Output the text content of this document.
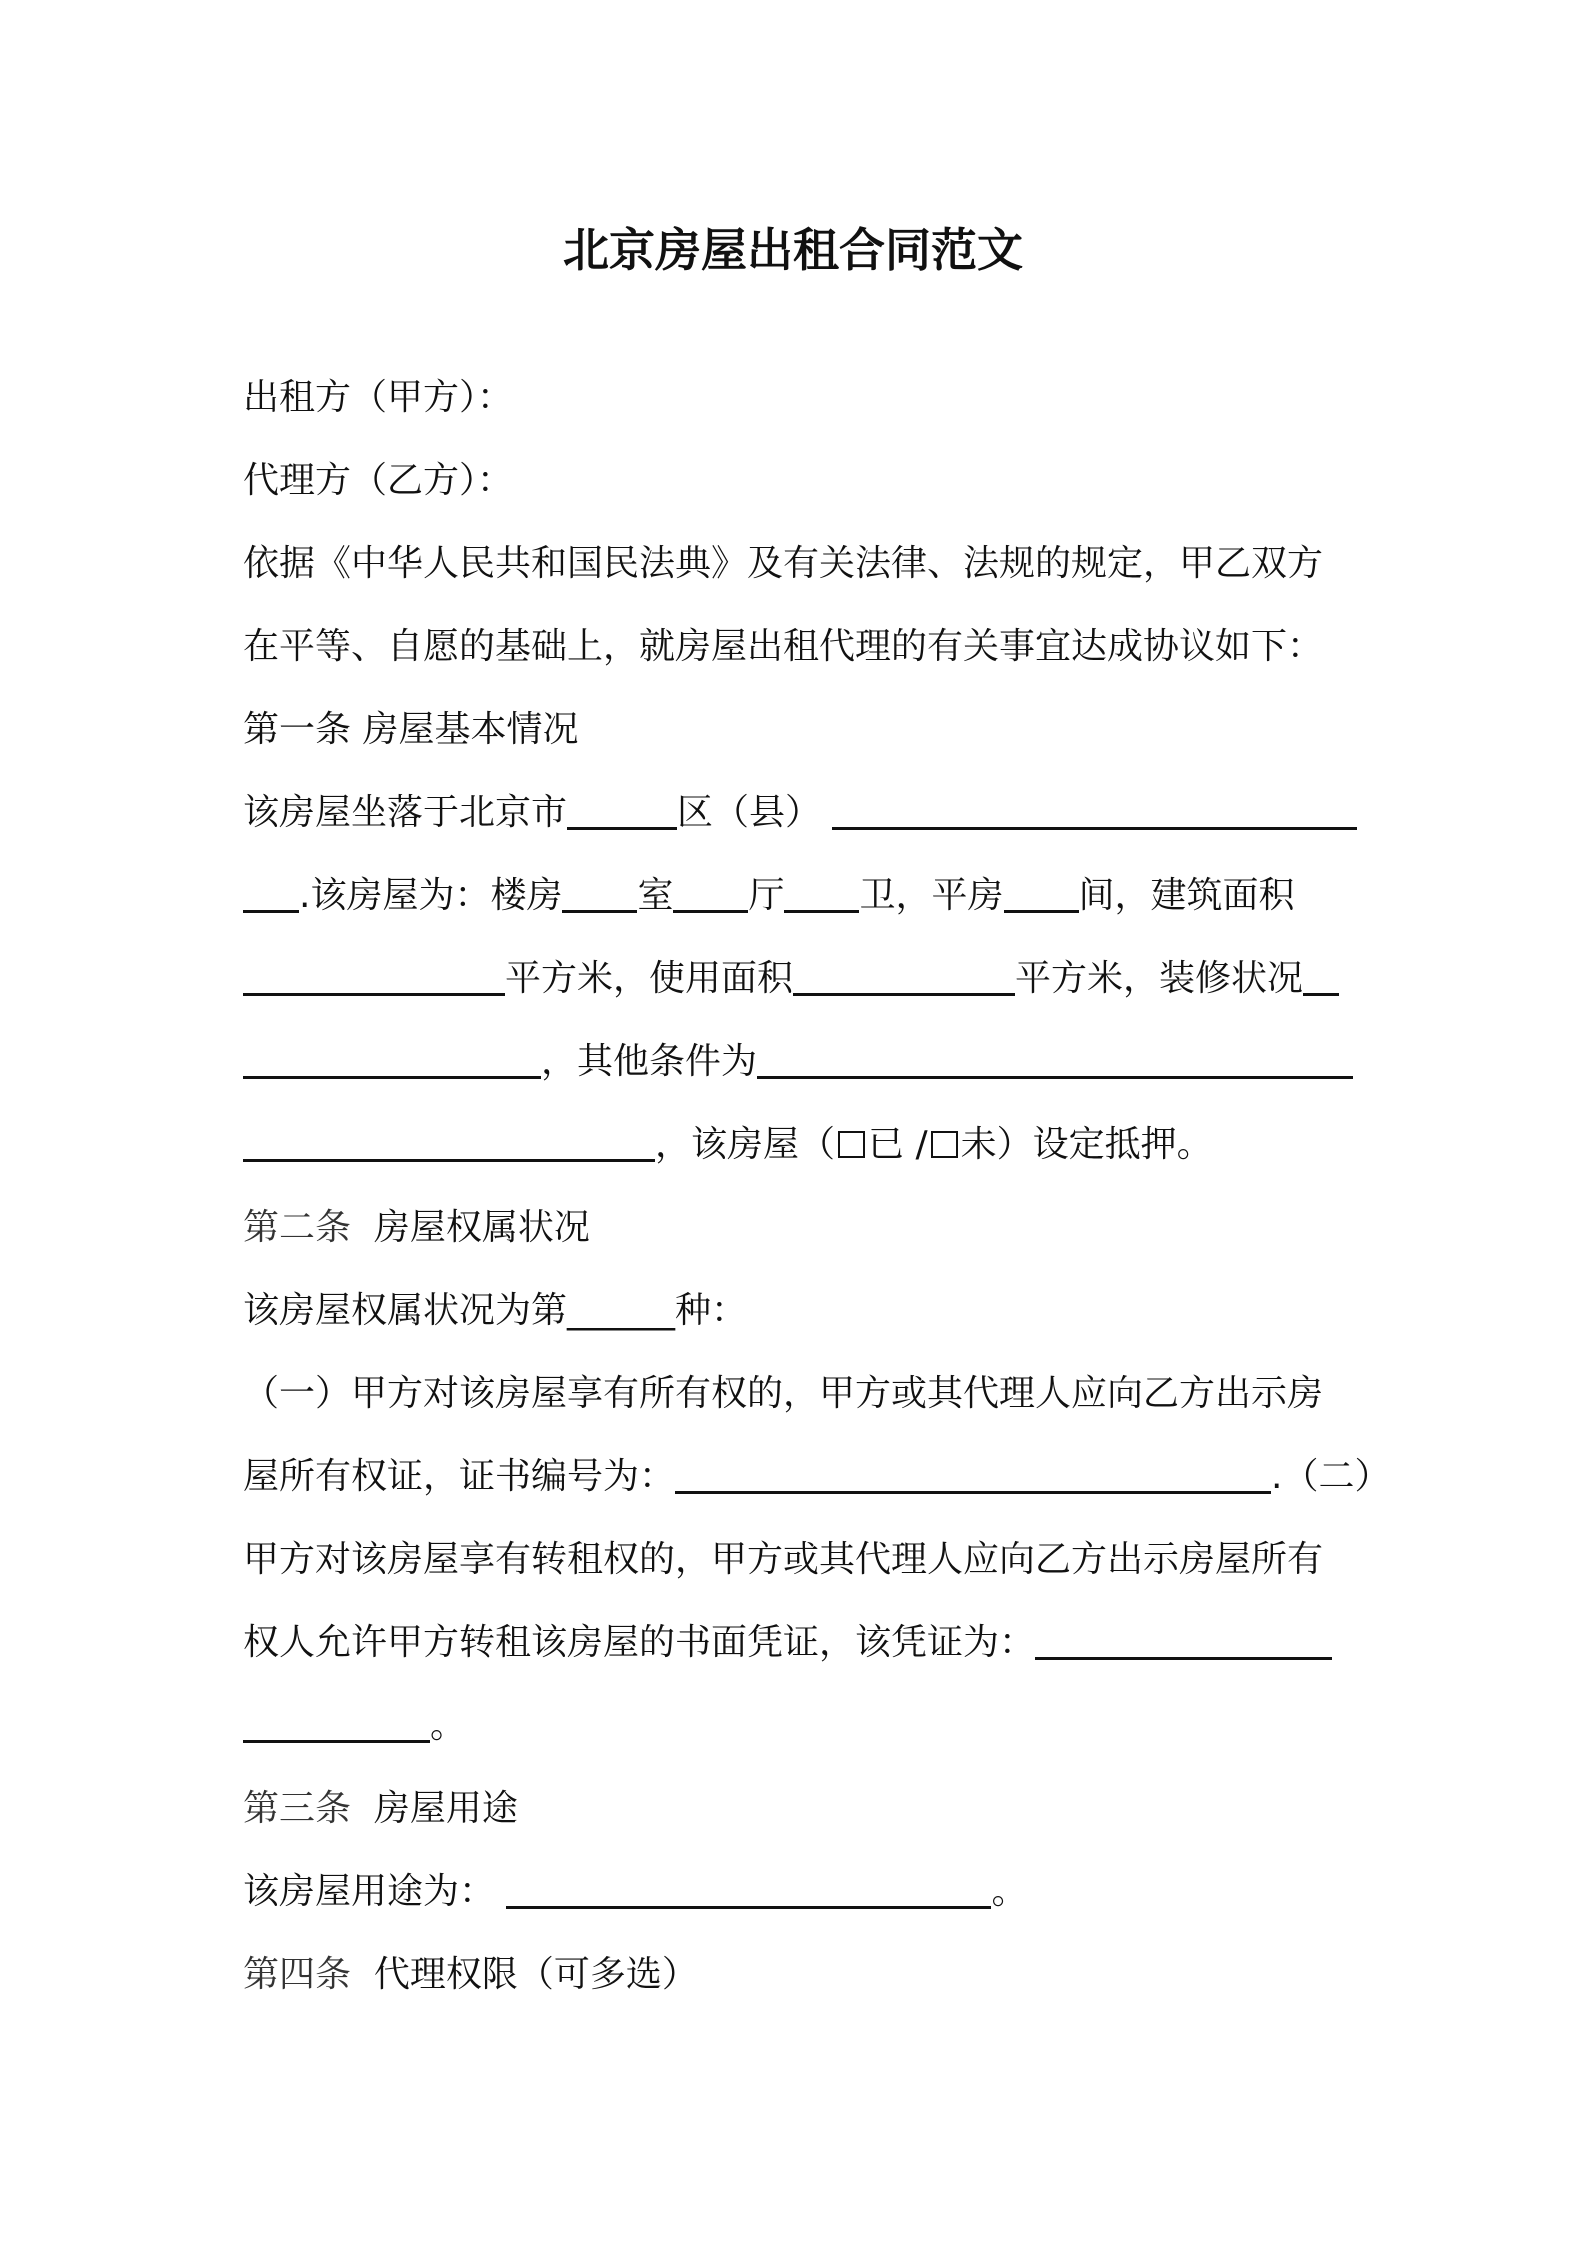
北京房屋出租合同范文
出租方（甲方）：
代理方（乙方）：
依据《中华人民共和国民法典》及有关法律、法规的规定，甲乙双方
在平等、自愿的基础上，就房屋出租代理的有关事宜达成协议如下：
第一条 房屋基本情况
该房屋坐落于北京市	区（县）
.该房屋为：楼房 室 厅 卫，平房 间，建筑面积
平方米，使用面积	平方米，装修状况
，其他条件为
，该房屋（ 已 / 未）设定抵押。
第二条 房屋权属状况
该房屋权属状况为第______种：
（一）甲方对该房屋享有所有权的，甲方或其代理人应向乙方出示房
屋所有权证，证书编号为：	.（二）
甲方对该房屋享有转租权的，甲方或其代理人应向乙方出示房屋所有
权人允许甲方转租该房屋的书面凭证，该凭证为：
。
第三条 房屋用途
该房屋用途为：	。
第四条 代理权限（可多选）
